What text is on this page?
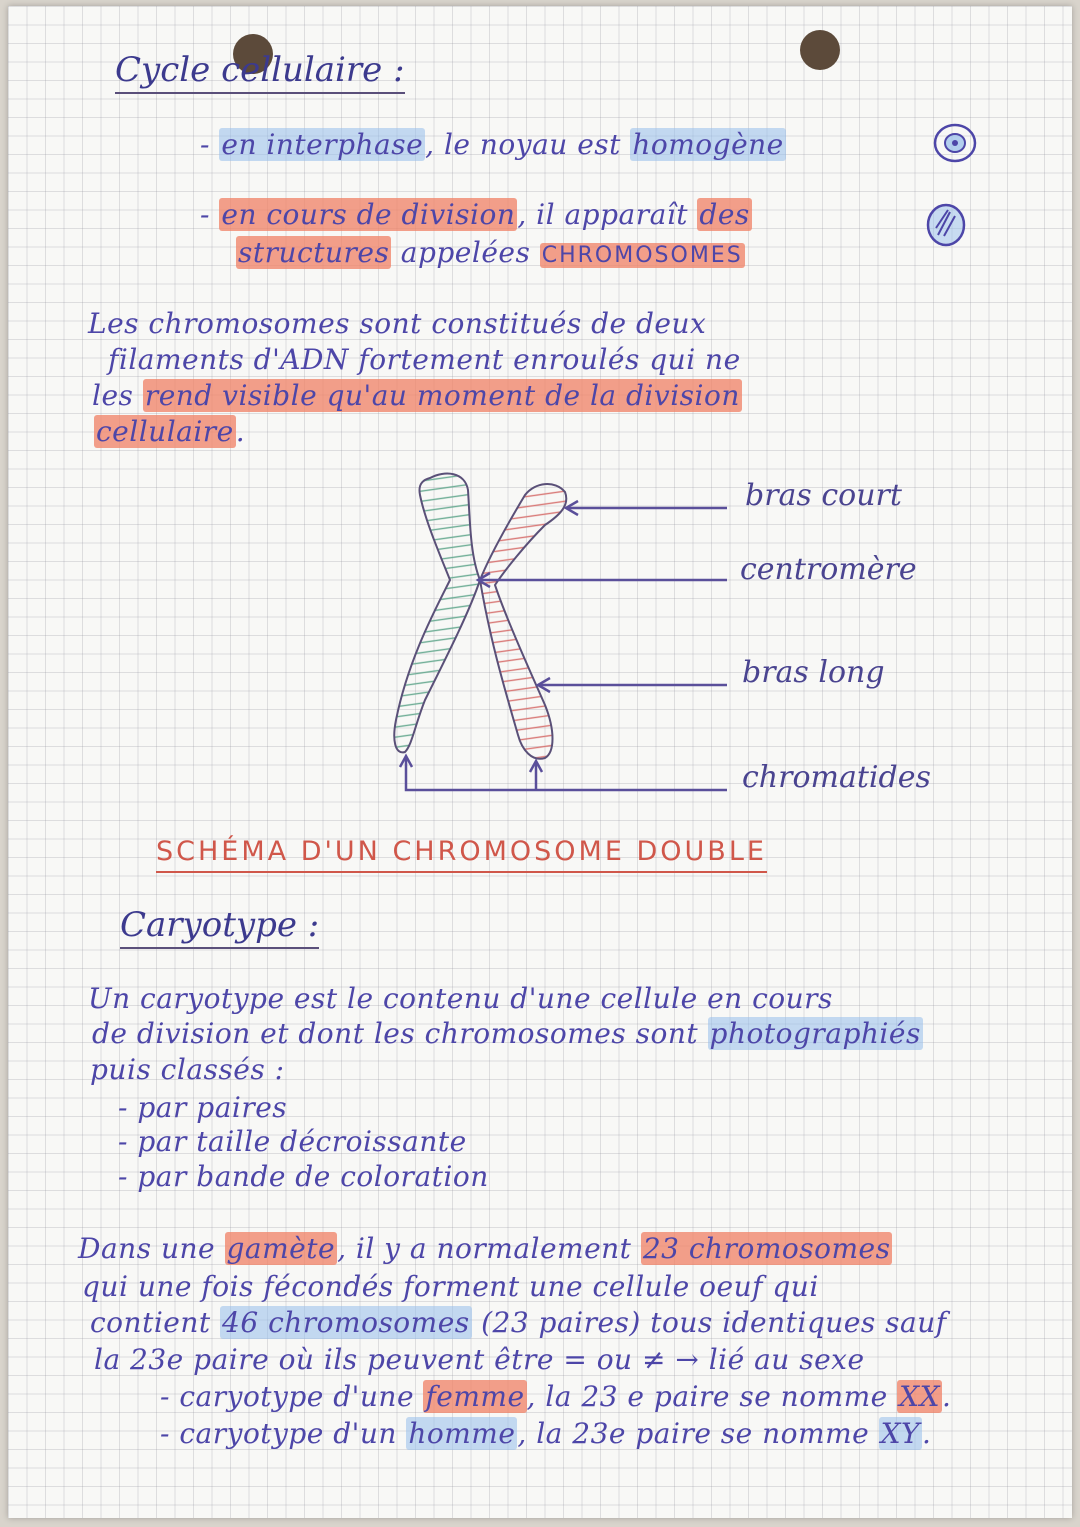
Cycle cellulaire :
- en interphase, le noyau est homogène
- en cours de division, il apparaît des
structures appelées CHROMOSOMES
Les chromosomes sont constitués de deux
filaments d'ADN fortement enroulés qui ne
les rend visible qu'au moment de la division
cellulaire.
bras court
centromère
bras long
chromatides
SCHÉMA D'UN CHROMOSOME DOUBLE
Caryotype :
Un caryotype est le contenu d'une cellule en cours
de division et dont les chromosomes sont photographiés
puis classés :
- par paires
- par taille décroissante
- par bande de coloration
Dans une gamète, il y a normalement 23 chromosomes
qui une fois fécondés forment une cellule oeuf qui
contient 46 chromosomes (23 paires) tous identiques sauf
la 23e paire où ils peuvent être = ou ≠ → lié au sexe
- caryotype d'une femme, la 23 e paire se nomme XX.
- caryotype d'un homme, la 23e paire se nomme XY.
